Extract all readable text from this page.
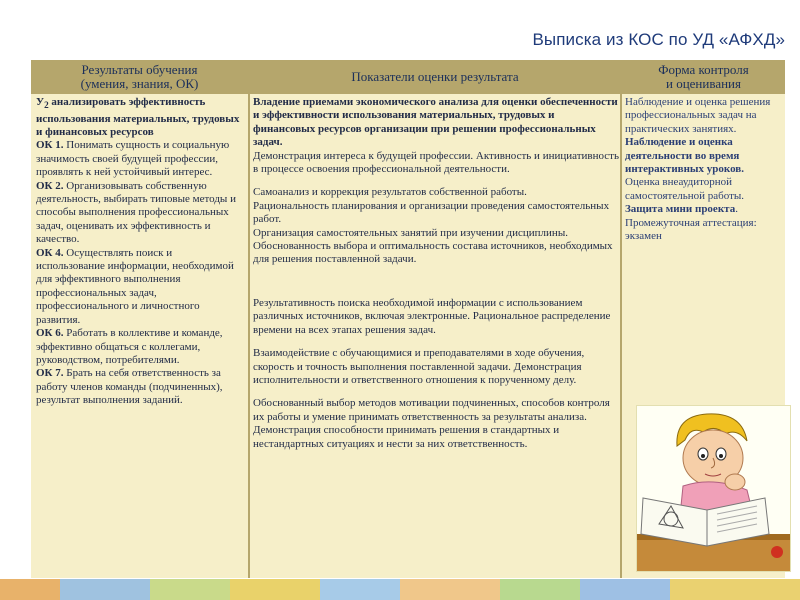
Выписка из КОС по УД «АФХД»
Результаты обучения
(умения, знания, ОК)	Показатели оценки результата	Форма контроля
и оценивания

$У_2$ анализировать эффективность использования материальных, трудовых и финансовых ресурсов

ОК 1. Понимать сущность и социальную значимость своей будущей профессии, проявлять к ней устойчивый интерес.

ОК 2. Организовывать собственную деятельность, выбирать типовые методы и способы выполнения профессиональных задач, оценивать их эффективность и качество.

ОК 4. Осуществлять поиск и использование информации, необходимой для эффективного выполнения профессиональных задач, профессионального и личностного развития.

ОК 6. Работать в коллективе и команде, эффективно общаться с коллегами, руководством, потребителями.

ОК 7. Брать на себя ответственность за работу членов команды (подчиненных), результат выполнения заданий.

Владение приемами экономического анализа для оценки обеспеченности и эффективности использования материальных, трудовых и финансовых ресурсов организации при решении профессиональных задач.

Демонстрация интереса к будущей профессии. Активность и инициативность в процессе освоения профессиональной деятельности.

Самоанализ и коррекция результатов собственной работы.

Рациональность планирования и организации проведения самостоятельных работ.

Организация самостоятельных занятий при изучении дисциплины. Обоснованность выбора и оптимальность состава источников, необходимых для решения поставленной задачи.

Результативность поиска необходимой информации с использованием различных источников, включая электронные. Рациональное распределение времени на всех этапах решения задач.

Взаимодействие с обучающимися и преподавателями в ходе обучения, скорость и точность выполнения поставленной задачи. Демонстрация исполнительности и ответственного отношения к порученному делу.

Обоснованный выбор методов мотивации подчиненных, способов контроля их работы и умение принимать ответственность за результаты анализа.

Демонстрация способности принимать решения в стандартных и нестандартных ситуациях и нести за них ответственность.

Наблюдение и оценка решения профессиональных задач на практических занятиях.

Наблюдение и оценка деятельности во время интерактивных уроков.

Оценка внеаудиторной самостоятельной работы.

Защита мини проекта.

Промежуточная аттестация: экзамен
